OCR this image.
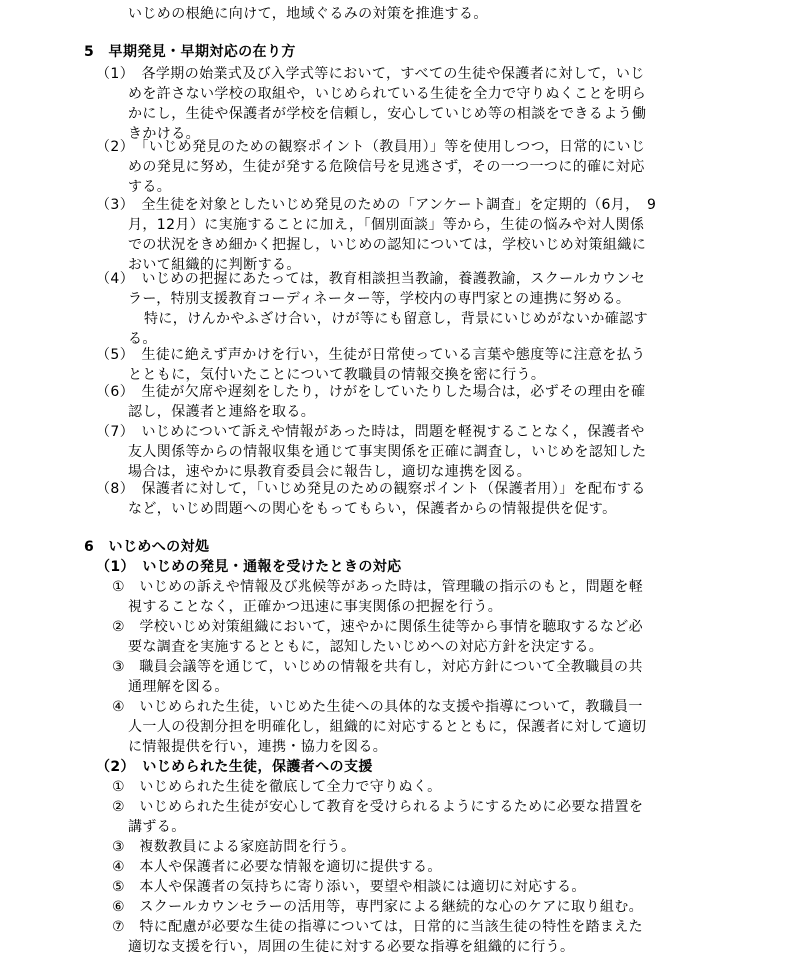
いじめの根絶に向けて，地域ぐるみの対策を推進する。
5　早期発見・早期対応の在り方
（1）　各学期の始業式及び入学式等において，すべての生徒や保護者に対して，いじ
めを許さない学校の取組や，いじめられている生徒を全力で守りぬくことを明ら
かにし，生徒や保護者が学校を信頼し，安心していじめ等の相談をできるよう働
きかける。
（2）　「いじめ発見のための観察ポイント（教員用）」等を使用しつつ，日常的にいじ
めの発見に努め，生徒が発する危険信号を見逃さず，その一つ一つに的確に対応
する。
（3）　全生徒を対象としたいじめ発見のための「アンケート調査」を定期的（6月，　9
月，12月）に実施することに加え，「個別面談」等から，生徒の悩みや対人関係
での状況をきめ細かく把握し，いじめの認知については，学校いじめ対策組織に
おいて組織的に判断する。
（4）　いじめの把握にあたっては，教育相談担当教諭，養護教諭，スクールカウンセ
ラー，特別支援教育コーディネーター等，学校内の専門家との連携に努める。
特に，けんかやふざけ合い，けが等にも留意し，背景にいじめがないか確認す
る。
（5）　生徒に絶えず声かけを行い，生徒が日常使っている言葉や態度等に注意を払う
とともに，気付いたことについて教職員の情報交換を密に行う。
（6）　生徒が欠席や遅刻をしたり，けがをしていたりした場合は，必ずその理由を確
認し，保護者と連絡を取る。
（7）　いじめについて訴えや情報があった時は，問題を軽視することなく，保護者や
友人関係等からの情報収集を通じて事実関係を正確に調査し，いじめを認知した
場合は，速やかに県教育委員会に報告し，適切な連携を図る。
（8）　保護者に対して，「いじめ発見のための観察ポイント（保護者用）」を配布する
など，いじめ問題への関心をもってもらい，保護者からの情報提供を促す。
6　いじめへの対処
（1）　いじめの発見・通報を受けたときの対応
①　いじめの訴えや情報及び兆候等があった時は，管理職の指示のもと，問題を軽
視することなく，正確かつ迅速に事実関係の把握を行う。
②　学校いじめ対策組織において，速やかに関係生徒等から事情を聴取するなど必
要な調査を実施するとともに，認知したいじめへの対応方針を決定する。
③　職員会議等を通じて，いじめの情報を共有し，対応方針について全教職員の共
通理解を図る。
④　いじめられた生徒，いじめた生徒への具体的な支援や指導について，教職員一
人一人の役割分担を明確化し，組織的に対応するとともに，保護者に対して適切
に情報提供を行い，連携・協力を図る。
（2）　いじめられた生徒，保護者への支援
①　いじめられた生徒を徹底して全力で守りぬく。
②　いじめられた生徒が安心して教育を受けられるようにするために必要な措置を
講ずる。
③　複数教員による家庭訪問を行う。
④　本人や保護者に必要な情報を適切に提供する。
⑤　本人や保護者の気持ちに寄り添い，要望や相談には適切に対応する。
⑥　スクールカウンセラーの活用等，専門家による継続的な心のケアに取り組む。
⑦　特に配慮が必要な生徒の指導については，日常的に当該生徒の特性を踏まえた
適切な支援を行い，周囲の生徒に対する必要な指導を組織的に行う。
